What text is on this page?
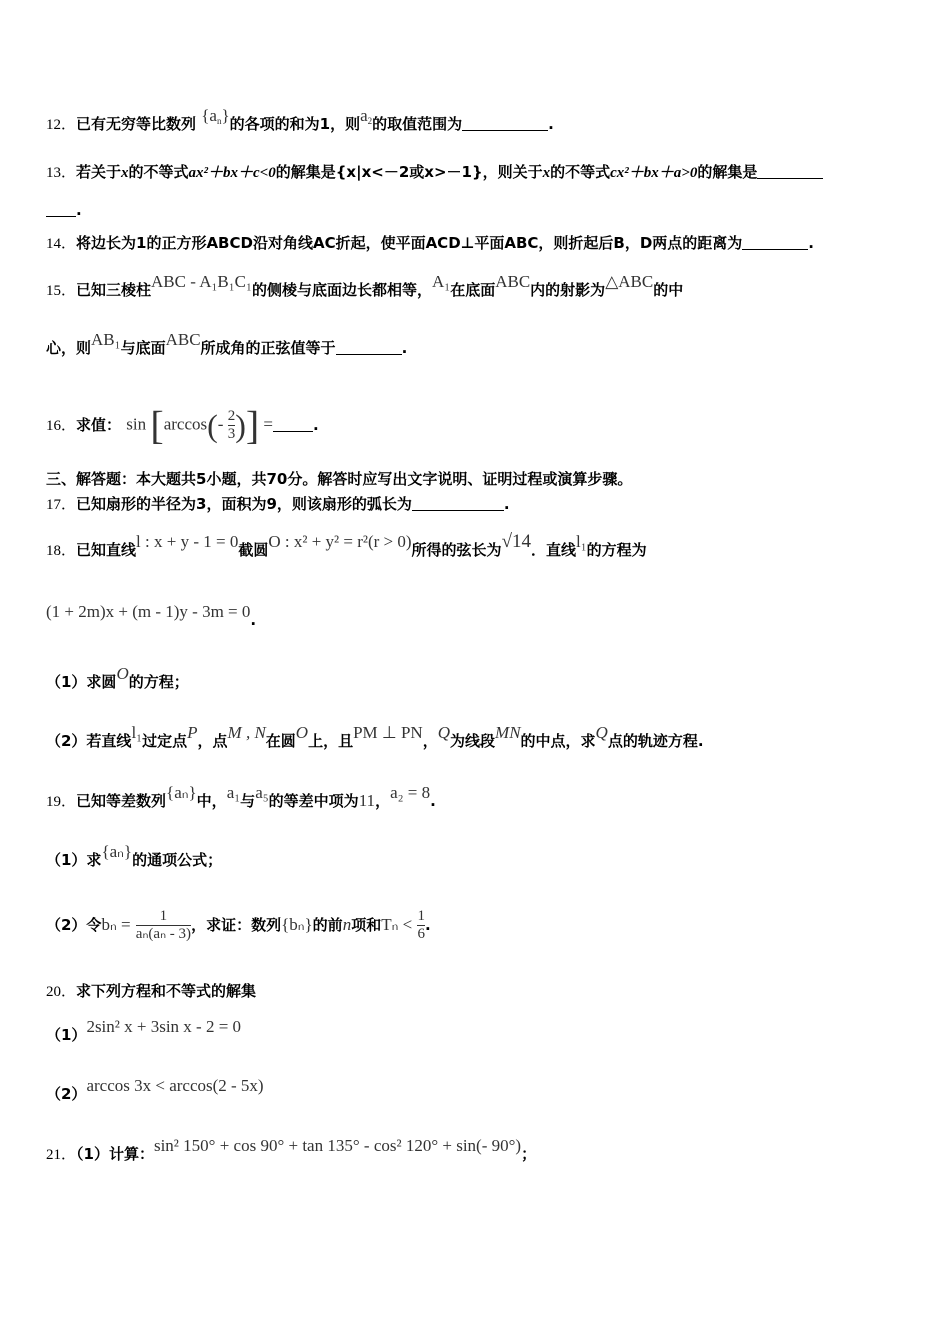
12．已有无穷等比数列 $\{a_n\}$的各项的和为1，则$a_2$的取值范围为	.
13．若关于x的不等式ax²＋bx＋c<0的解集是{x|x<－2或x>－1}，则关于x的不等式cx²＋bx＋a>0的解集是
.
14．将边长为1的正方形ABCD沿对角线AC折起，使平面ACD⊥平面ABC，则折起后B，D两点的距离为	.
15．已知三棱柱ABC - A₁B₁C₁的侧棱与底面边长都相等，A₁在底面ABC内的射影为△ABC的中
心，则AB₁与底面ABC所成角的正弦值等于	.
16．求值： $\sin [\arccos(- \frac{2}{3}$ )] =	.
三、解答题：本大题共5小题，共70分。解答时应写出文字说明、证明过程或演算步骤。
17．已知扇形的半径为3，面积为9，则该扇形的弧长为	.
18．已知直线l : x + y - 1 = 0截圆O : x² + y² = r²(r > 0)所得的弦长为√14．直线l₁的方程为
(1 + 2m)x + (m - 1)y - 3m = 0.
（1）求圆O的方程；
（2）若直线l₁过定点P，点M , N在圆O上，且PM ⊥ PN，Q为线段MN的中点，求Q点的轨迹方程.
19．已知等差数列{aₙ}中，a₁与a₅的等差中项为11，a₂ = 8.
（1）求{aₙ}的通项公式；
（2）令$b_n = \frac{1}{\text{aₙ(aₙ - 3)}}$ ，求证：数列{bₙ}的前n项和$T_n < \frac{1}{6}$ .
20．求下列方程和不等式的解集
（1）2sin² x + 3sin x - 2 = 0
（2）arccos 3x < arccos(2 - 5x)
21．（1）计算：sin² 150° + cos 90° + tan 135° - cos² 120° + sin(- 90°)；
